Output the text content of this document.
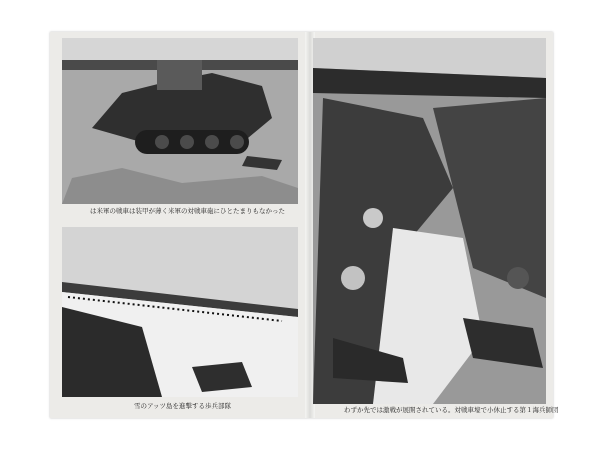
は米軍の戦車は装甲が薄く米軍の対戦車砲にひとたまりもなかった
雪のアッツ島を進撃する歩兵部隊	わずか先では激戦が展開されている。対戦車壕で小休止する第１海兵師団
